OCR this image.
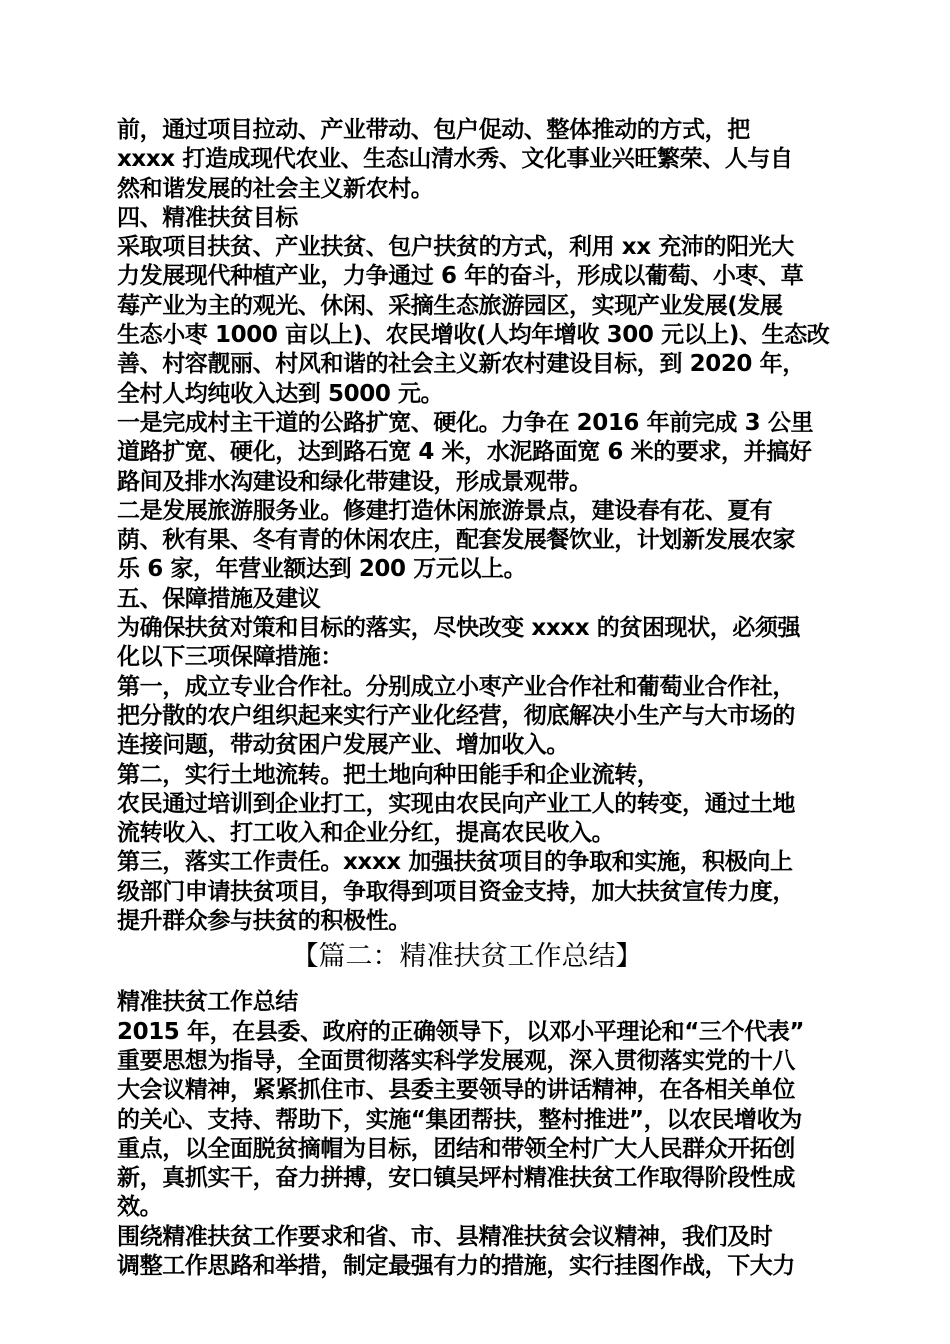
前，通过项目拉动、产业带动、包户促动、整体推动的方式，把
xxxx 打造成现代农业、生态山清水秀、文化事业兴旺繁荣、人与自
然和谐发展的社会主义新农村。
四、精准扶贫目标
采取项目扶贫、产业扶贫、包户扶贫的方式，利用 xx 充沛的阳光大
力发展现代种植产业，力争通过 6 年的奋斗，形成以葡萄、小枣、草
莓产业为主的观光、休闲、采摘生态旅游园区，实现产业发展(发展
生态小枣 1000 亩以上)、农民增收(人均年增收 300 元以上)、生态改
善、村容靓丽、村风和谐的社会主义新农村建设目标，到 2020 年，
全村人均纯收入达到 5000 元。
一是完成村主干道的公路扩宽、硬化。力争在 2016 年前完成 3 公里
道路扩宽、硬化，达到路石宽 4 米，水泥路面宽 6 米的要求，并搞好
路间及排水沟建设和绿化带建设，形成景观带。
二是发展旅游服务业。修建打造休闲旅游景点，建设春有花、夏有
荫、秋有果、冬有青的休闲农庄，配套发展餐饮业，计划新发展农家
乐 6 家，年营业额达到 200 万元以上。
五、保障措施及建议
为确保扶贫对策和目标的落实，尽快改变 xxxx 的贫困现状，必须强
化以下三项保障措施：
第一，成立专业合作社。分别成立小枣产业合作社和葡萄业合作社，
把分散的农户组织起来实行产业化经营，彻底解决小生产与大市场的
连接问题，带动贫困户发展产业、增加收入。
第二，实行土地流转。把土地向种田能手和企业流转，
农民通过培训到企业打工，实现由农民向产业工人的转变，通过土地
流转收入、打工收入和企业分红，提高农民收入。
第三，落实工作责任。xxxx 加强扶贫项目的争取和实施，积极向上
级部门申请扶贫项目，争取得到项目资金支持，加大扶贫宣传力度，
提升群众参与扶贫的积极性。
【篇二：精准扶贫工作总结】
精准扶贫工作总结
2015 年，在县委、政府的正确领导下，以邓小平理论和“三个代表”
重要思想为指导，全面贯彻落实科学发展观，深入贯彻落实党的十八
大会议精神，紧紧抓住市、县委主要领导的讲话精神，在各相关单位
的关心、支持、帮助下，实施“集团帮扶，整村推进”，以农民增收为
重点，以全面脱贫摘帽为目标，团结和带领全村广大人民群众开拓创
新，真抓实干，奋力拼搏，安口镇吴坪村精准扶贫工作取得阶段性成
效。
围绕精准扶贫工作要求和省、市、县精准扶贫会议精神，我们及时
调整工作思路和举措，制定最强有力的措施，实行挂图作战，下大力
